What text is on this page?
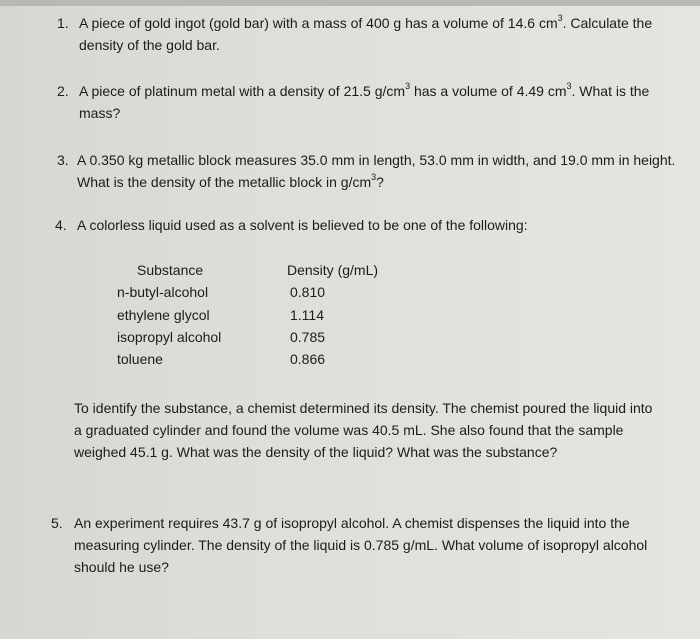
1. A piece of gold ingot (gold bar) with a mass of 400 g has a volume of 14.6 $cm^3$. Calculate the density of the gold bar.
2. A piece of platinum metal with a density of 21.5 $g/cm^3$ has a volume of 4.49 $cm^3$. What is the mass?
3. A 0.350 kg metallic block measures 35.0 mm in length, 53.0 mm in width, and 19.0 mm in height. What is the density of the metallic block in $g/cm^3$?
4. A colorless liquid used as a solvent is believed to be one of the following:
Substance	Density (g/mL)
n-butyl-alcohol	0.810
ethylene glycol	1.114
isopropyl alcohol	0.785
toluene	0.866
To identify the substance, a chemist determined its density. The chemist poured the liquid into a graduated cylinder and found the volume was 40.5 mL. She also found that the sample weighed 45.1 g. What was the density of the liquid? What was the substance?
5. An experiment requires 43.7 g of isopropyl alcohol. A chemist dispenses the liquid into the measuring cylinder. The density of the liquid is 0.785 g/mL. What volume of isopropyl alcohol should he use?
